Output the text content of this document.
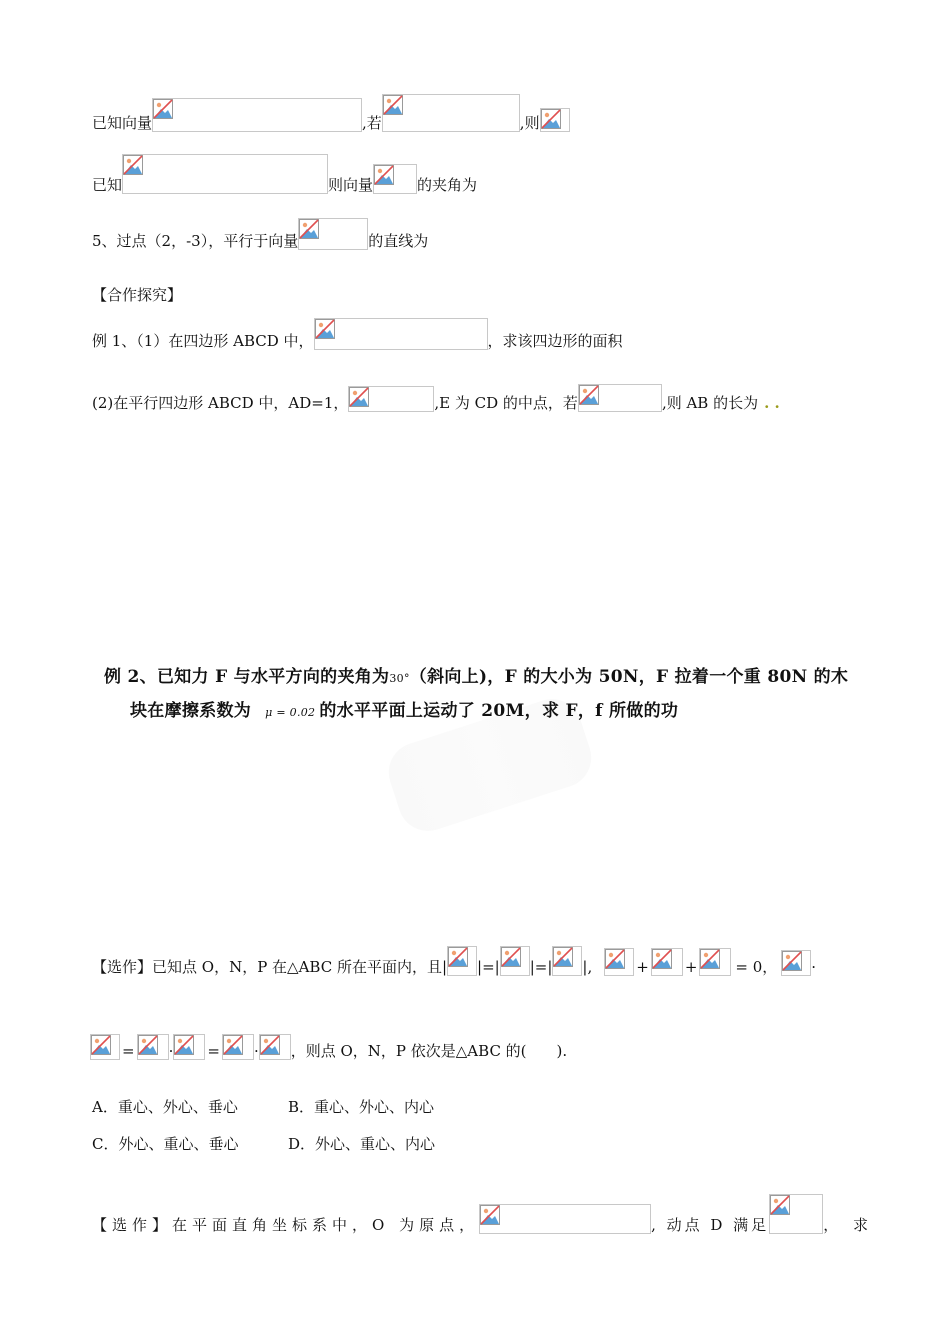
已知向量	,若	,则
已知	则向量	的夹角为
5、过点（2，-3），平行于向量	的直线为
【合作探究】
例 1、（1）在四边形 ABCD 中，	，求该四边形的面积
(2)在平行四边形 ABCD 中，AD=1，	,E 为 CD 的中点，若	,则 AB 的长为 . .
例 2、已知力 F 与水平方向的夹角为 30° （斜向上)，F 的大小为 50N，F 拉着一个重 80N 的木
块在摩擦系数为 μ = 0.02 的水平平面上运动了 20M，求 F，f 所做的功
【选作】已知点 O，N，P 在△ABC 所在平面内，且| |=| |=| |,	+ +	= 0， ·
= · = · ，则点 O，N，P 依次是△ABC 的(　　).
A．重心、外心、垂心	B．重心、外心、内心
C．外心、重心、垂心	D．外心、重心、内心
【选作】在平面直角坐标系中，O 为原点，	, 动点 D 满足	， 求
